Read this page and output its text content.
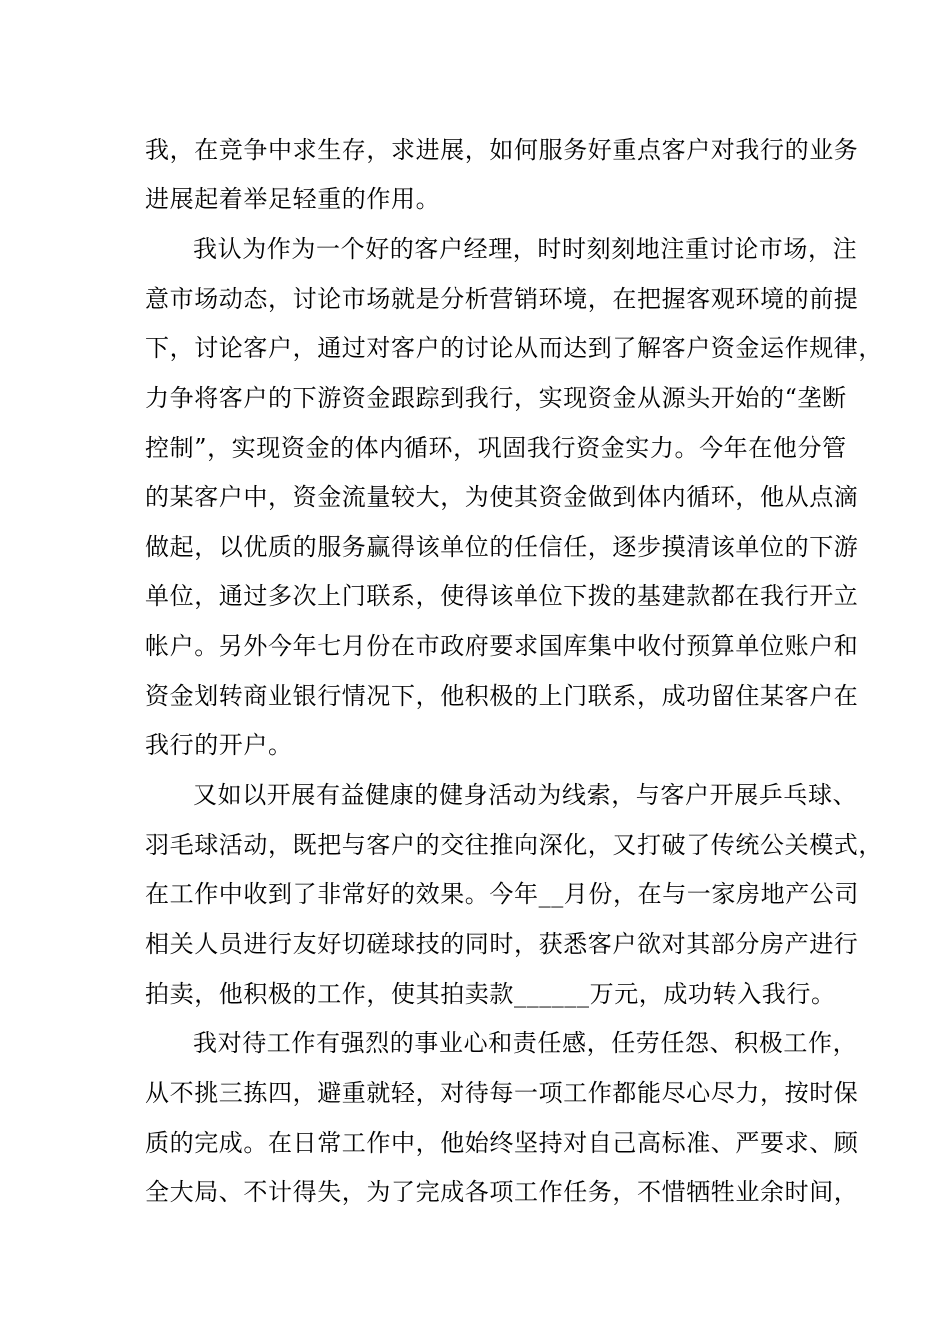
我，在竞争中求生存，求进展，如何服务好重点客户对我行的业务
进展起着举足轻重的作用。
我认为作为一个好的客户经理，时时刻刻地注重讨论市场，注
意市场动态，讨论市场就是分析营销环境，在把握客观环境的前提
下，讨论客户，通过对客户的讨论从而达到了解客户资金运作规律，
力争将客户的下游资金跟踪到我行，实现资金从源头开始的“垄断
控制”，实现资金的体内循环，巩固我行资金实力。今年在他分管
的某客户中，资金流量较大，为使其资金做到体内循环，他从点滴
做起，以优质的服务赢得该单位的任信任，逐步摸清该单位的下游
单位，通过多次上门联系，使得该单位下拨的基建款都在我行开立
帐户。另外今年七月份在市政府要求国库集中收付预算单位账户和
资金划转商业银行情况下，他积极的上门联系，成功留住某客户在
我行的开户。
又如以开展有益健康的健身活动为线索，与客户开展乒乓球、
羽毛球活动，既把与客户的交往推向深化，又打破了传统公关模式，
在工作中收到了非常好的效果。今年__月份，在与一家房地产公司
相关人员进行友好切磋球技的同时，获悉客户欲对其部分房产进行
拍卖，他积极的工作，使其拍卖款______万元，成功转入我行。
我对待工作有强烈的事业心和责任感，任劳任怨、积极工作，
从不挑三拣四，避重就轻，对待每一项工作都能尽心尽力，按时保
质的完成。在日常工作中，他始终坚持对自己高标准、严要求、顾
全大局、不计得失，为了完成各项工作任务，不惜牺牲业余时间，
